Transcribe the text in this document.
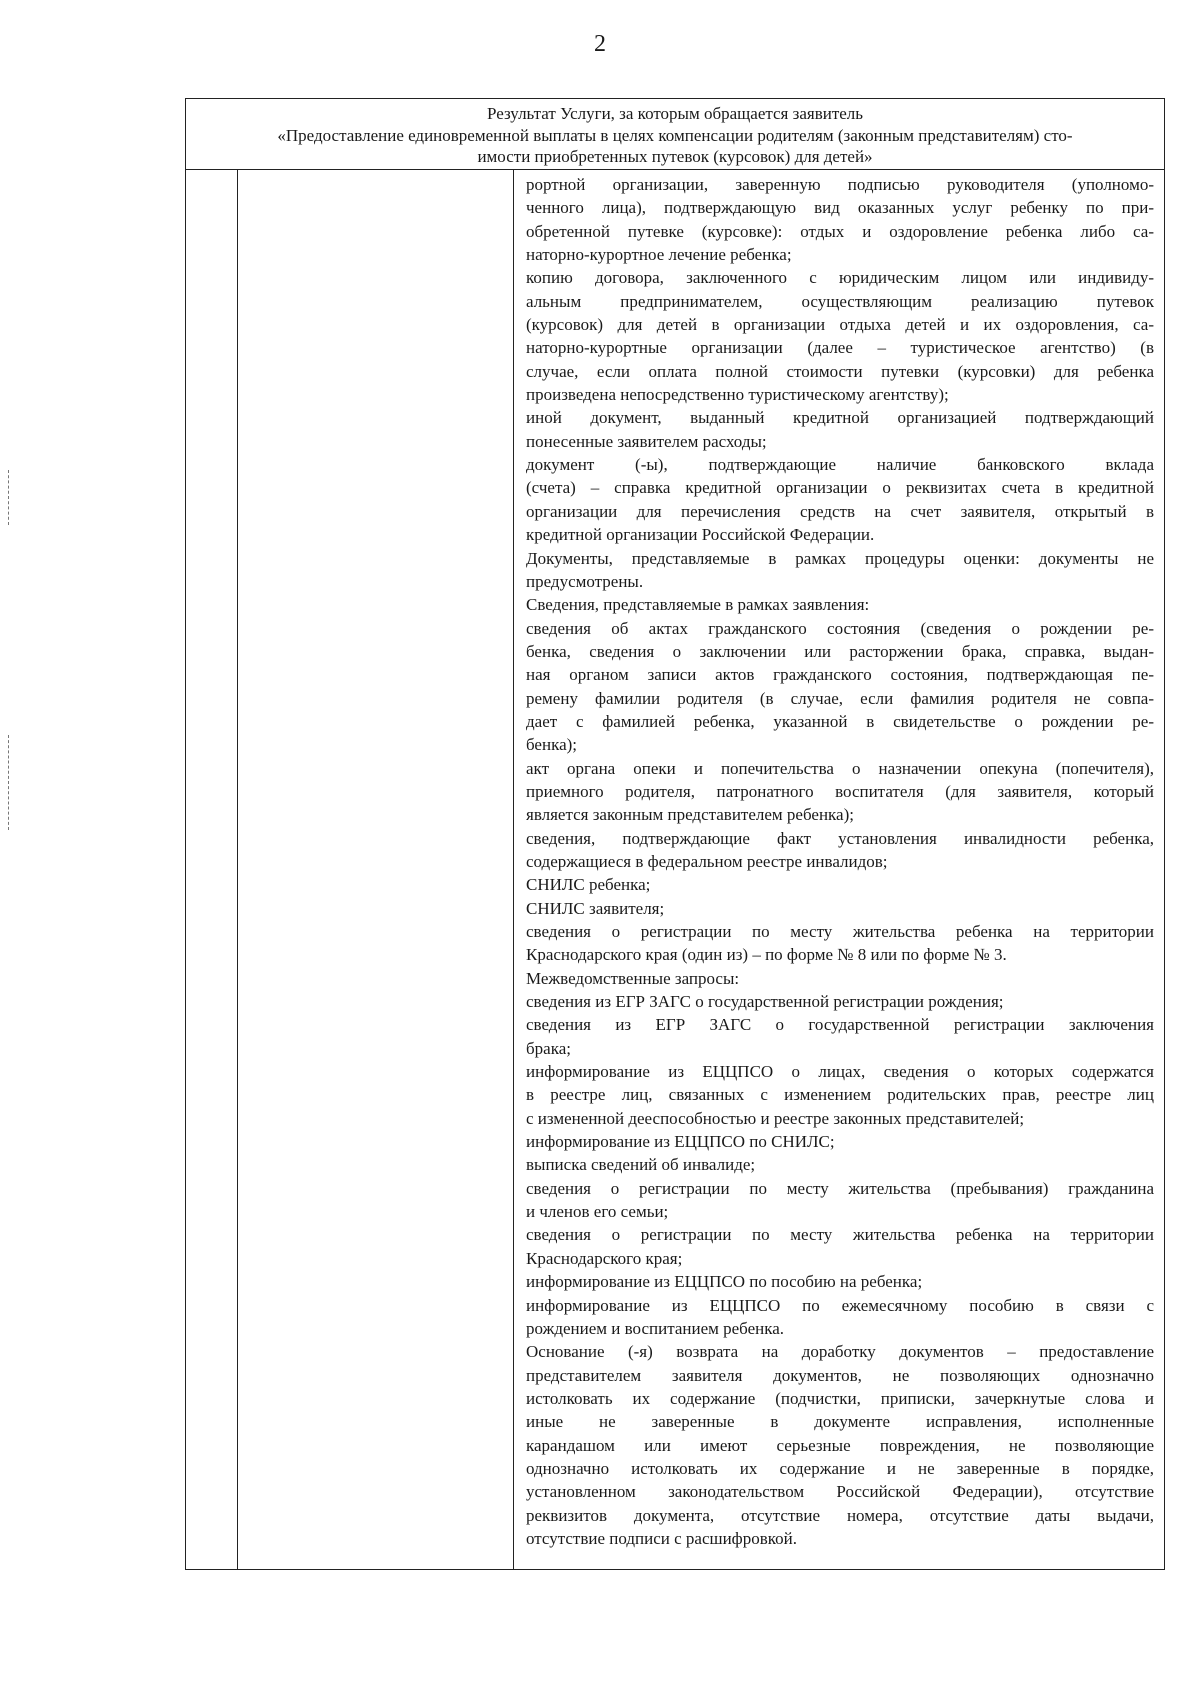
2
Результат Услуги, за которым обращается заявитель
«Предоставление единовременной выплаты в целях компенсации родителям (законным представителям) сто-
имости приобретенных путевок (курсовок) для детей»
рортной организации, заверенную подписью руководителя (уполномо-
ченного лица), подтверждающую вид оказанных услуг ребенку по при-
обретенной путевке (курсовке): отдых и оздоровление ребенка либо са-
наторно-курортное лечение ребенка;
копию договора, заключенного с юридическим лицом или индивиду-
альным предпринимателем, осуществляющим реализацию путевок
(курсовок) для детей в организации отдыха детей и их оздоровления, са-
наторно-курортные организации (далее – туристическое агентство) (в
случае, если оплата полной стоимости путевки (курсовки) для ребенка
произведена непосредственно туристическому агентству);
иной документ, выданный кредитной организацией подтверждающий
понесенные заявителем расходы;
документ (-ы), подтверждающие наличие банковского вклада
(счета) – справка кредитной организации о реквизитах счета в кредитной
организации для перечисления средств на счет заявителя, открытый в
кредитной организации Российской Федерации.
Документы, представляемые в рамках процедуры оценки: документы не
предусмотрены.
Сведения, представляемые в рамках заявления:
сведения об актах гражданского состояния (сведения о рождении ре-
бенка, сведения о заключении или расторжении брака, справка, выдан-
ная органом записи актов гражданского состояния, подтверждающая пе-
ремену фамилии родителя (в случае, если фамилия родителя не совпа-
дает с фамилией ребенка, указанной в свидетельстве о рождении ре-
бенка);
акт органа опеки и попечительства о назначении опекуна (попечителя),
приемного родителя, патронатного воспитателя (для заявителя, который
является законным представителем ребенка);
сведения, подтверждающие факт установления инвалидности ребенка,
содержащиеся в федеральном реестре инвалидов;
СНИЛС ребенка;
СНИЛС заявителя;
сведения о регистрации по месту жительства ребенка на территории
Краснодарского края (один из) – по форме № 8 или по форме № 3.
Межведомственные запросы:
сведения из ЕГР ЗАГС о государственной регистрации рождения;
сведения из ЕГР ЗАГС о государственной регистрации заключения
брака;
информирование из ЕЦЦПСО о лицах, сведения о которых содержатся
в реестре лиц, связанных с изменением родительских прав, реестре лиц
с измененной дееспособностью и реестре законных представителей;
информирование из ЕЦЦПСО по СНИЛС;
выписка сведений об инвалиде;
сведения о регистрации по месту жительства (пребывания) гражданина
и членов его семьи;
сведения о регистрации по месту жительства ребенка на территории
Краснодарского края;
информирование из ЕЦЦПСО по пособию на ребенка;
информирование из ЕЦЦПСО по ежемесячному пособию в связи с
рождением и воспитанием ребенка.
Основание (-я) возврата на доработку документов – предоставление
представителем заявителя документов, не позволяющих однозначно
истолковать их содержание (подчистки, приписки, зачеркнутые слова и
иные не заверенные в документе исправления, исполненные
карандашом или имеют серьезные повреждения, не позволяющие
однозначно истолковать их содержание и не заверенные в порядке,
установленном законодательством Российской Федерации), отсутствие
реквизитов документа, отсутствие номера, отсутствие даты выдачи,
отсутствие подписи с расшифровкой.
